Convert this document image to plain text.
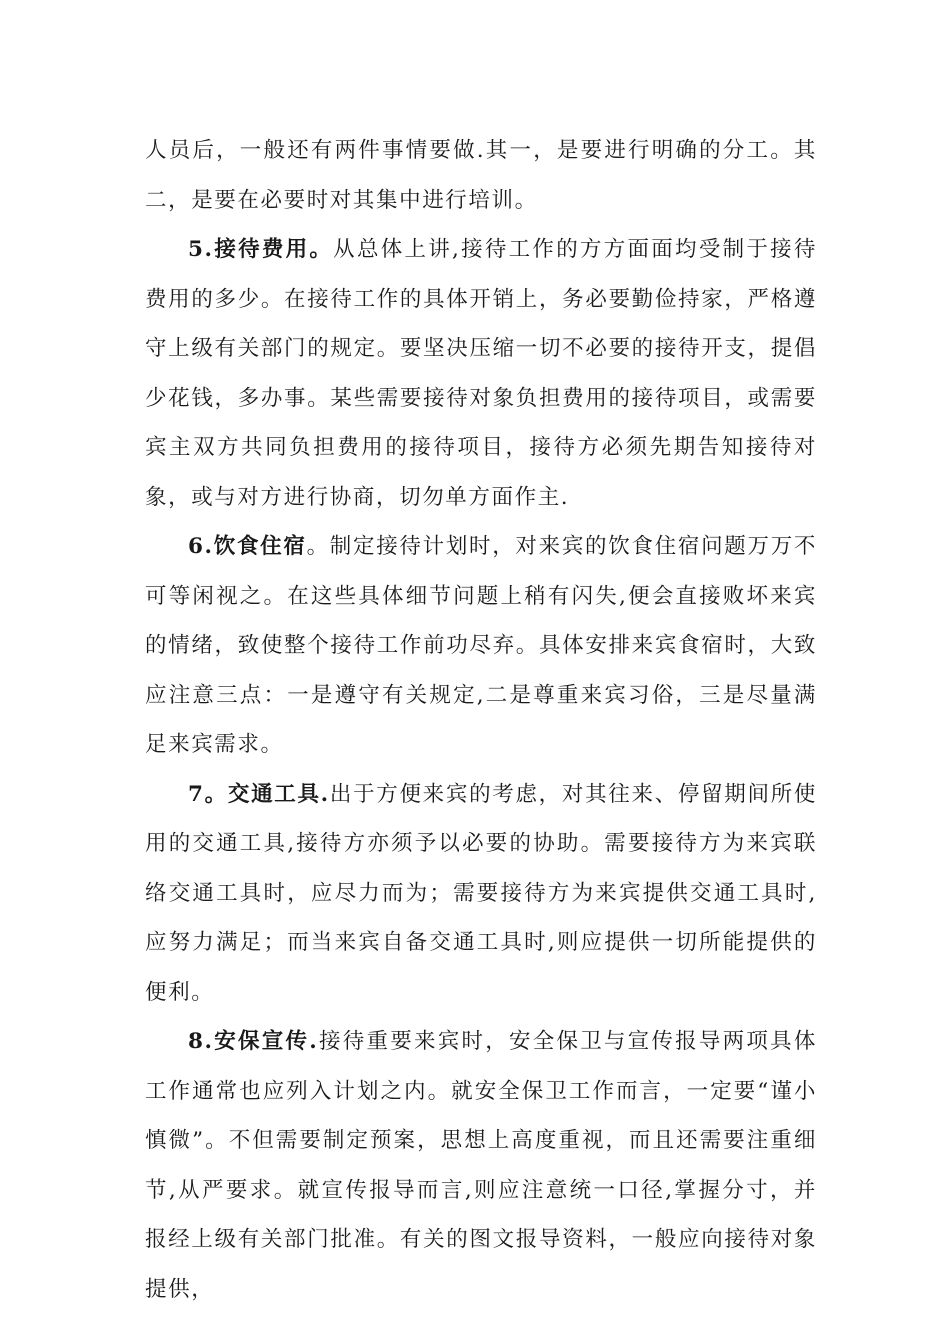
人员后，一般还有两件事情要做.其一，是要进行明确的分工。其二，是要在必要时对其集中进行培训。

5.接待费用。从总体上讲,接待工作的方方面面均受制于接待费用的多少。在接待工作的具体开销上，务必要勤俭持家，严格遵守上级有关部门的规定。要坚决压缩一切不必要的接待开支，提倡少花钱，多办事。某些需要接待对象负担费用的接待项目，或需要宾主双方共同负担费用的接待项目，接待方必须先期告知接待对象，或与对方进行协商，切勿单方面作主.

6.饮食住宿。制定接待计划时，对来宾的饮食住宿问题万万不可等闲视之。在这些具体细节问题上稍有闪失,便会直接败坏来宾的情绪，致使整个接待工作前功尽弃。具体安排来宾食宿时，大致应注意三点：一是遵守有关规定,二是尊重来宾习俗，三是尽量满足来宾需求。

7。交通工具.出于方便来宾的考虑，对其往来、停留期间所使用的交通工具,接待方亦须予以必要的协助。需要接待方为来宾联络交通工具时，应尽力而为；需要接待方为来宾提供交通工具时,应努力满足；而当来宾自备交通工具时,则应提供一切所能提供的便利。

8.安保宣传.接待重要来宾时，安全保卫与宣传报导两项具体工作通常也应列入计划之内。就安全保卫工作而言，一定要“谨小慎微”。不但需要制定预案，思想上高度重视，而且还需要注重细节,从严要求。就宣传报导而言,则应注意统一口径,掌握分寸，并报经上级有关部门批准。有关的图文报导资料，一般应向接待对象提供，
